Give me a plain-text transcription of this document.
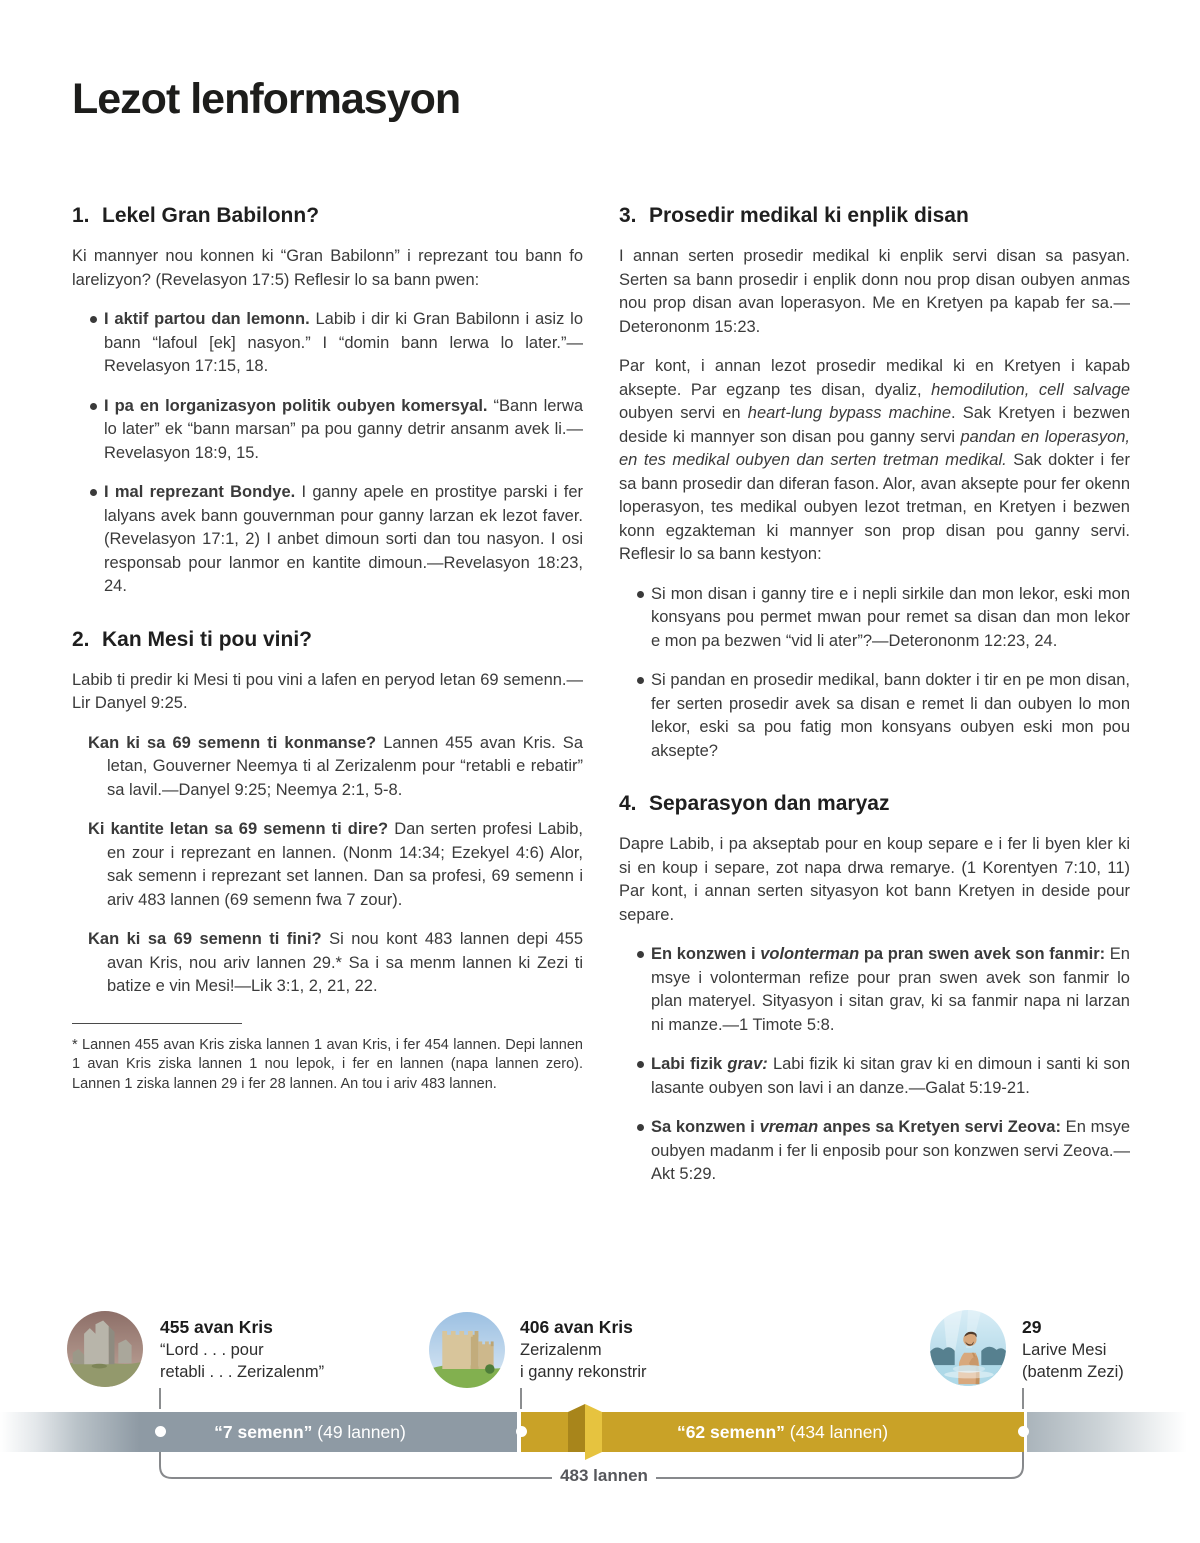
Lezot lenformasyon
1. Lekel Gran Babilonn?

Ki mannyer nou konnen ki “Gran Babilonn” i reprezant tou bann fo larelizyon? (Revelasyon 17:5) Reflesir lo sa bann pwen:

I aktif partou dan lemonn. Labib i dir ki Gran Babilonn i asiz lo bann “lafoul [ek] nasyon.” I “domin bann lerwa lo later.”—Revelasyon 17:15, 18.
I pa en lorganizasyon politik oubyen komersyal. “Bann lerwa lo later” ek “bann marsan” pa pou ganny detrir ansanm avek li.—Revelasyon 18:9, 15.
I mal reprezant Bondye. I ganny apele en prostitye parski i fer lalyans avek bann gouvernman pour ganny larzan ek lezot faver. (Revelasyon 17:1, 2) I anbet dimoun sorti dan tou nasyon. I osi responsab pour lanmor en kantite dimoun.—Revelasyon 18:23, 24.
2. Kan Mesi ti pou vini?

Labib ti predir ki Mesi ti pou vini a lafen en peryod letan 69 semenn.—Lir Danyel 9:25.

Kan ki sa 69 semenn ti konmanse? Lannen 455 avan Kris. Sa letan, Gouverner Neemya ti al Zerizalenm pour “retabli e rebatir” sa lavil.—Danyel 9:25; Neemya 2:1, 5-8.

Ki kantite letan sa 69 semenn ti dire? Dan serten profesi Labib, en zour i reprezant en lannen. (Nonm 14:34; Ezekyel 4:6) Alor, sak semenn i reprezant set lannen. Dan sa profesi, 69 semenn i ariv 483 lannen (69 semenn fwa 7 zour).

Kan ki sa 69 semenn ti fini? Si nou kont 483 lannen depi 455 avan Kris, nou ariv lannen 29.* Sa i sa menm lannen ki Zezi ti batize e vin Mesi!—Lik 3:1, 2, 21, 22.

* Lannen 455 avan Kris ziska lannen 1 avan Kris, i fer 454 lannen. Depi lannen 1 avan Kris ziska lannen 1 nou lepok, i fer en lannen (napa lannen zero). Lannen 1 ziska lannen 29 i fer 28 lannen. An tou i ariv 483 lannen.

3. Prosedir medikal ki enplik disan

I annan serten prosedir medikal ki enplik servi disan sa pasyan. Serten sa bann prosedir i enplik donn nou prop disan oubyen anmas nou prop disan avan loperasyon. Me en Kretyen pa kapab fer sa.—Deterononm 15:23.

Par kont, i annan lezot prosedir medikal ki en Kretyen i kapab aksepte. Par egzanp tes disan, dyaliz, hemodilution, cell salvage oubyen servi en heart-lung bypass machine. Sak Kretyen i bezwen deside ki mannyer son disan pou ganny servi pandan en loperasyon, en tes medikal oubyen dan serten tretman medikal. Sak dokter i fer sa bann prosedir dan diferan fason. Alor, avan aksepte pour fer okenn loperasyon, tes medikal oubyen lezot tretman, en Kretyen i bezwen konn egzakteman ki mannyer son prop disan pou ganny servi. Reflesir lo sa bann kestyon:

Si mon disan i ganny tire e i nepli sirkile dan mon lekor, eski mon konsyans pou permet mwan pour remet sa disan dan mon lekor e mon pa bezwen “vid li ater”?—Deterononm 12:23, 24.
Si pandan en prosedir medikal, bann dokter i tir en pe mon disan, fer serten prosedir avek sa disan e remet li dan oubyen lo mon lekor, eski sa pou fatig mon konsyans oubyen eski mon pou aksepte?
4. Separasyon dan maryaz

Dapre Labib, i pa akseptab pour en koup separe e i fer li byen kler ki si en koup i separe, zot napa drwa remarye. (1 Korentyen 7:10, 11) Par kont, i annan serten sityasyon kot bann Kretyen in deside pour separe.

En konzwen i volonterman pa pran swen avek son fanmir: En msye i volonterman refize pour pran swen avek son fanmir lo plan materyel. Sityasyon i sitan grav, ki sa fanmir napa ni larzan ni manze.—1 Timote 5:8.
Labi fizik grav: Labi fizik ki sitan grav ki en dimoun i santi ki son lasante oubyen son lavi i an danze.—Galat 5:19-21.
Sa konzwen i vreman anpes sa Kretyen servi Zeova: En msye oubyen madanm i fer li enposib pour son konzwen servi Zeova.—Akt 5:29.
“7 semenn” (49 lannen)	“62 semenn” (434 lannen)
455 avan Kris
“Lord . . . pour
retabli . . . Zerizalenm”
406 avan Kris
Zerizalenm
i ganny rekonstrir
29
Larive Mesi
(batenm Zezi)
483 lannen
